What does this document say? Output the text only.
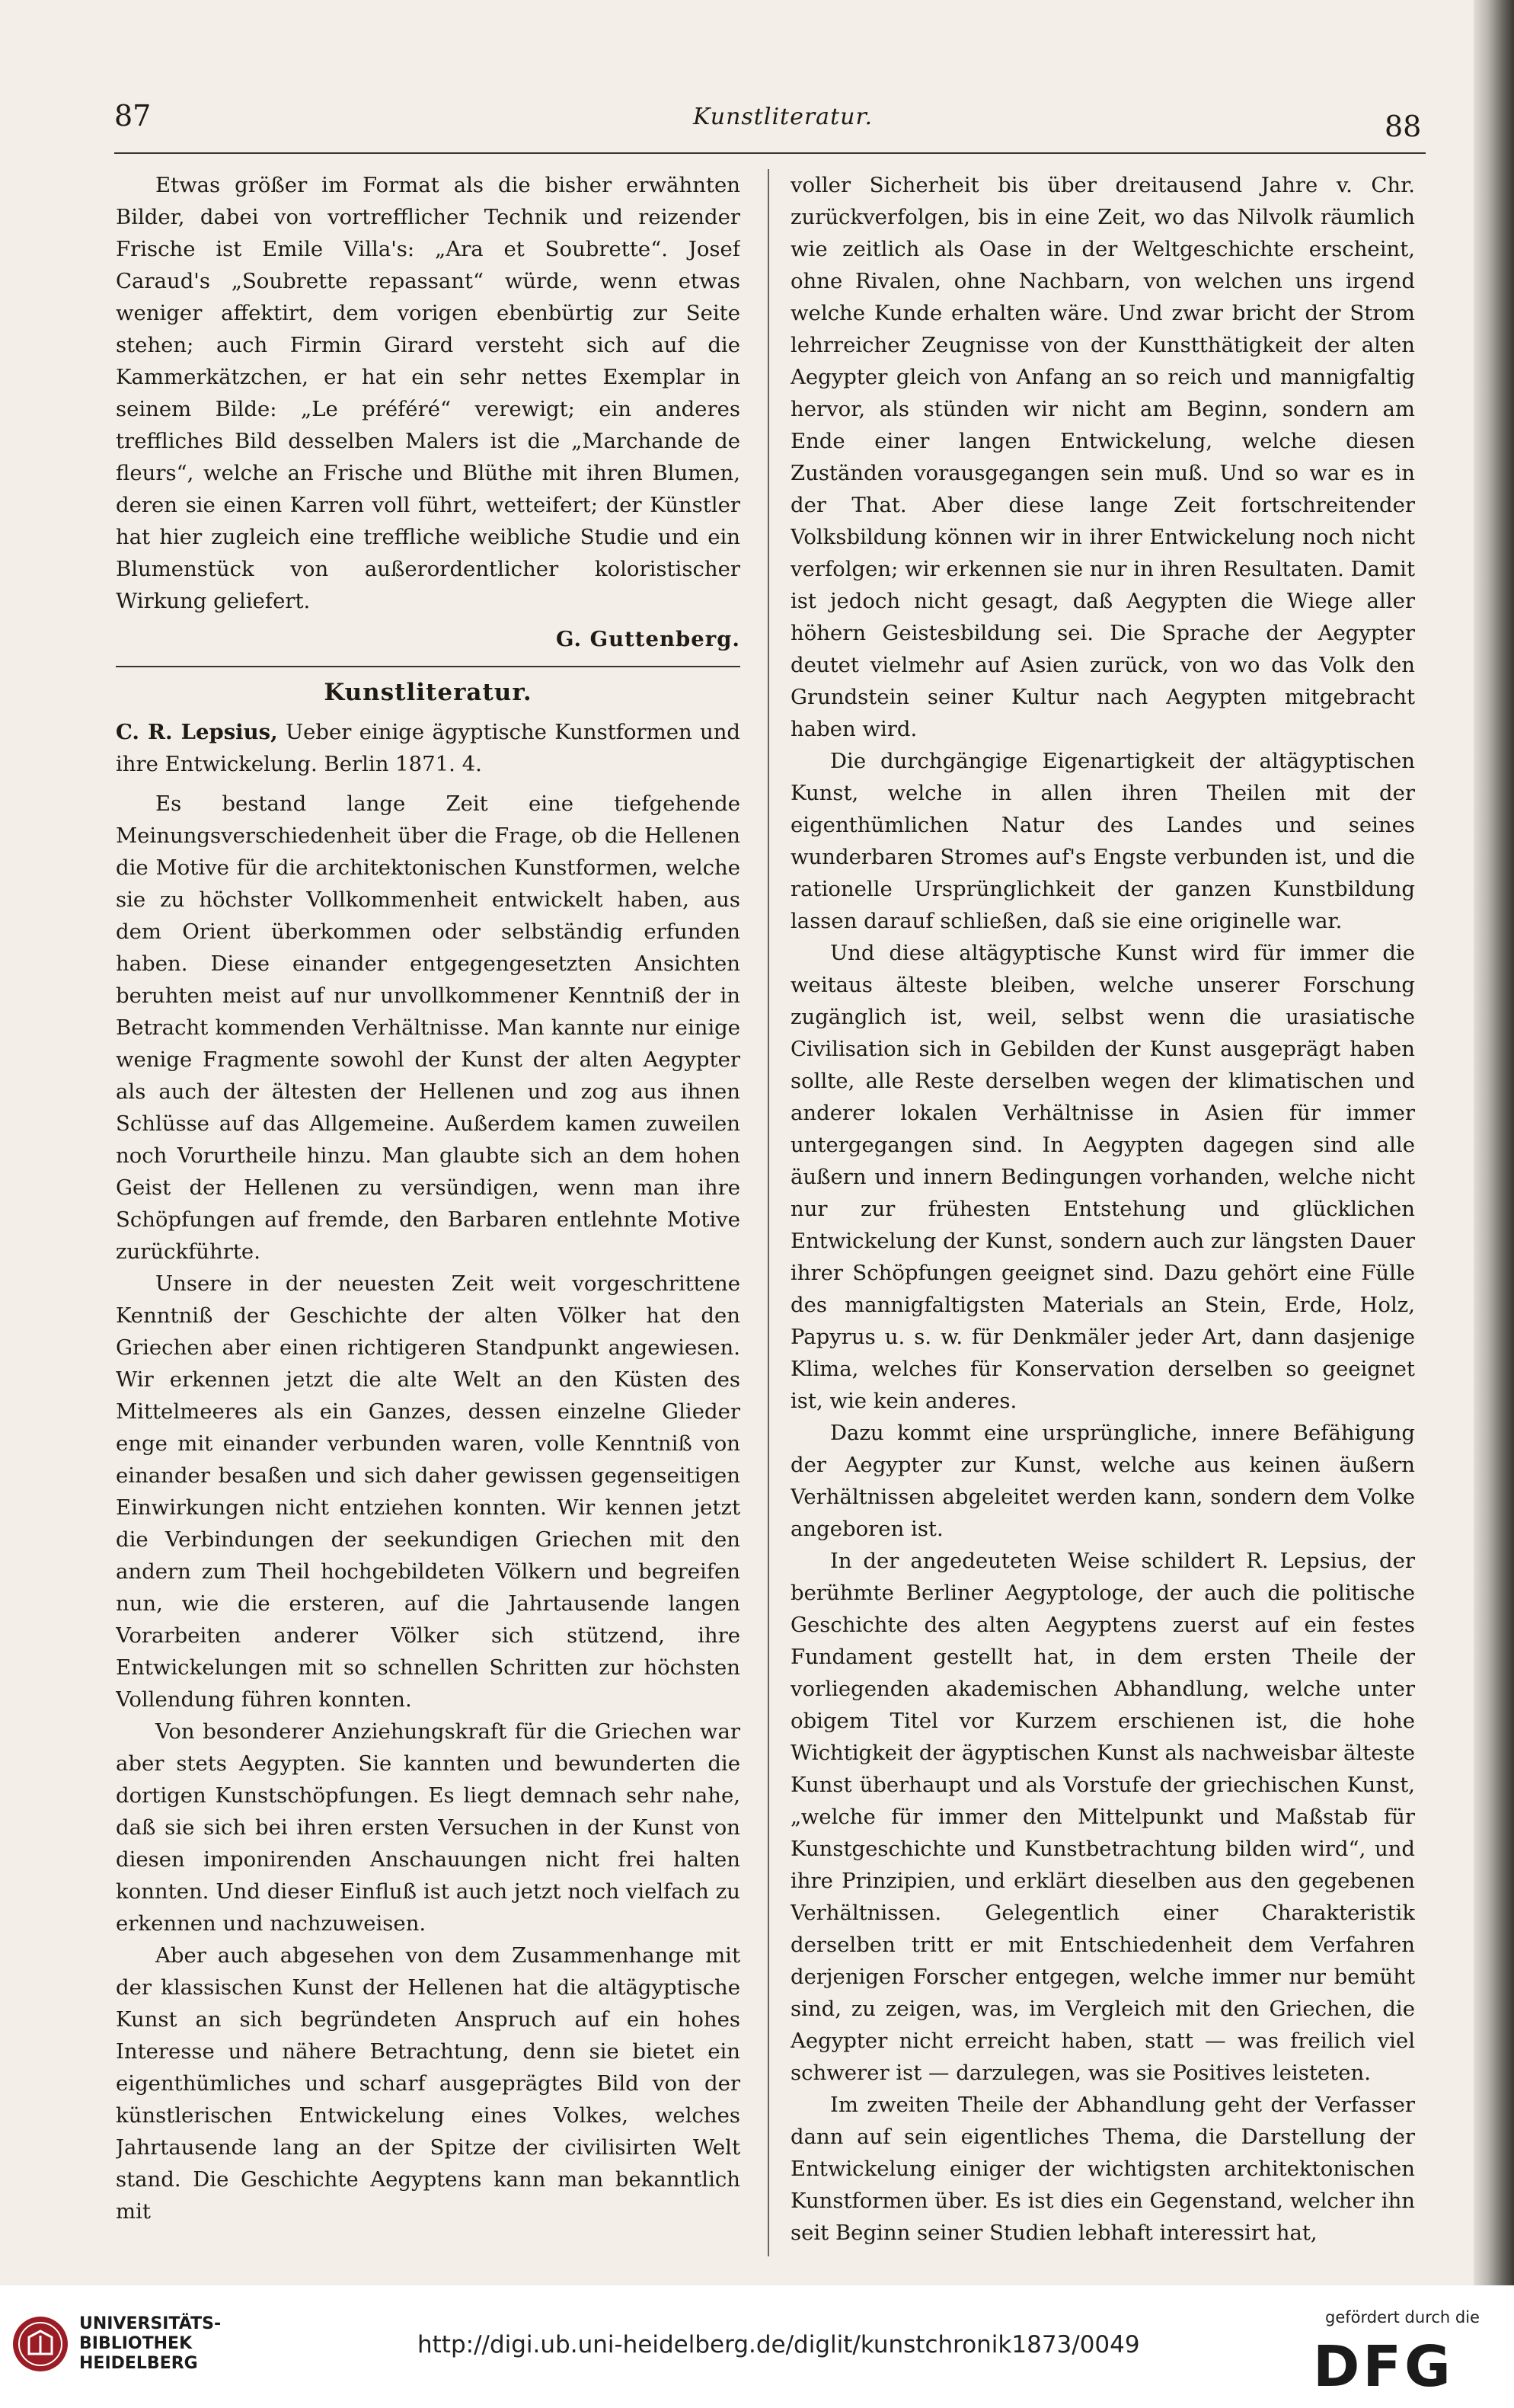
87	Kunstliteratur.	88

Etwas größer im Format als die bisher erwähnten Bilder, dabei von vortrefflicher Technik und reizender Frische ist Emile Villa's: „Ara et Soubrette“. Josef Caraud's „Soubrette repassant“ würde, wenn etwas weniger affektirt, dem vorigen ebenbürtig zur Seite stehen; auch Firmin Girard versteht sich auf die Kammerkätzchen, er hat ein sehr nettes Exemplar in seinem Bilde: „Le préféré“ verewigt; ein anderes treffliches Bild desselben Malers ist die „Marchande de fleurs“, welche an Frische und Blüthe mit ihren Blumen, deren sie einen Karren voll führt, wetteifert; der Künstler hat hier zugleich eine treffliche weibliche Studie und ein Blumenstück von außerordentlicher koloristischer Wirkung geliefert.

G. Guttenberg.
Kunstliteratur.

C. R. Lepsius, Ueber einige ägyptische Kunstformen und ihre Entwickelung. Berlin 1871. 4.

Es bestand lange Zeit eine tiefgehende Meinungsverschiedenheit über die Frage, ob die Hellenen die Motive für die architektonischen Kunstformen, welche sie zu höchster Vollkommenheit entwickelt haben, aus dem Orient überkommen oder selbständig erfunden haben. Diese einander entgegengesetzten Ansichten beruhten meist auf nur unvollkommener Kenntniß der in Betracht kommenden Verhältnisse. Man kannte nur einige wenige Fragmente sowohl der Kunst der alten Aegypter als auch der ältesten der Hellenen und zog aus ihnen Schlüsse auf das Allgemeine. Außerdem kamen zuweilen noch Vorurtheile hinzu. Man glaubte sich an dem hohen Geist der Hellenen zu versündigen, wenn man ihre Schöpfungen auf fremde, den Barbaren entlehnte Motive zurückführte.

Unsere in der neuesten Zeit weit vorgeschrittene Kenntniß der Geschichte der alten Völker hat den Griechen aber einen richtigeren Standpunkt angewiesen. Wir erkennen jetzt die alte Welt an den Küsten des Mittelmeeres als ein Ganzes, dessen einzelne Glieder enge mit einander verbunden waren, volle Kenntniß von einander besaßen und sich daher gewissen gegenseitigen Einwirkungen nicht entziehen konnten. Wir kennen jetzt die Verbindungen der seekundigen Griechen mit den andern zum Theil hochgebildeten Völkern und begreifen nun, wie die ersteren, auf die Jahrtausende langen Vorarbeiten anderer Völker sich stützend, ihre Entwickelungen mit so schnellen Schritten zur höchsten Vollendung führen konnten.

Von besonderer Anziehungskraft für die Griechen war aber stets Aegypten. Sie kannten und bewunderten die dortigen Kunstschöpfungen. Es liegt demnach sehr nahe, daß sie sich bei ihren ersten Versuchen in der Kunst von diesen imponirenden Anschauungen nicht frei halten konnten. Und dieser Einfluß ist auch jetzt noch vielfach zu erkennen und nachzuweisen.

Aber auch abgesehen von dem Zusammenhange mit der klassischen Kunst der Hellenen hat die altägyptische Kunst an sich begründeten Anspruch auf ein hohes Interesse und nähere Betrachtung, denn sie bietet ein eigenthümliches und scharf ausgeprägtes Bild von der künstlerischen Entwickelung eines Volkes, welches Jahrtausende lang an der Spitze der civilisirten Welt stand. Die Geschichte Aegyptens kann man bekanntlich mit

voller Sicherheit bis über dreitausend Jahre v. Chr. zurückverfolgen, bis in eine Zeit, wo das Nilvolk räumlich wie zeitlich als Oase in der Weltgeschichte erscheint, ohne Rivalen, ohne Nachbarn, von welchen uns irgend welche Kunde erhalten wäre. Und zwar bricht der Strom lehrreicher Zeugnisse von der Kunstthätigkeit der alten Aegypter gleich von Anfang an so reich und mannigfaltig hervor, als stünden wir nicht am Beginn, sondern am Ende einer langen Entwickelung, welche diesen Zuständen vorausgegangen sein muß. Und so war es in der That. Aber diese lange Zeit fortschreitender Volksbildung können wir in ihrer Entwickelung noch nicht verfolgen; wir erkennen sie nur in ihren Resultaten. Damit ist jedoch nicht gesagt, daß Aegypten die Wiege aller höhern Geistesbildung sei. Die Sprache der Aegypter deutet vielmehr auf Asien zurück, von wo das Volk den Grundstein seiner Kultur nach Aegypten mitgebracht haben wird.

Die durchgängige Eigenartigkeit der altägyptischen Kunst, welche in allen ihren Theilen mit der eigenthümlichen Natur des Landes und seines wunderbaren Stromes auf's Engste verbunden ist, und die rationelle Ursprünglichkeit der ganzen Kunstbildung lassen darauf schließen, daß sie eine originelle war.

Und diese altägyptische Kunst wird für immer die weitaus älteste bleiben, welche unserer Forschung zugänglich ist, weil, selbst wenn die urasiatische Civilisation sich in Gebilden der Kunst ausgeprägt haben sollte, alle Reste derselben wegen der klimatischen und anderer lokalen Verhältnisse in Asien für immer untergegangen sind. In Aegypten dagegen sind alle äußern und innern Bedingungen vorhanden, welche nicht nur zur frühesten Entstehung und glücklichen Entwickelung der Kunst, sondern auch zur längsten Dauer ihrer Schöpfungen geeignet sind. Dazu gehört eine Fülle des mannigfaltigsten Materials an Stein, Erde, Holz, Papyrus u. s. w. für Denkmäler jeder Art, dann dasjenige Klima, welches für Konservation derselben so geeignet ist, wie kein anderes.

Dazu kommt eine ursprüngliche, innere Befähigung der Aegypter zur Kunst, welche aus keinen äußern Verhältnissen abgeleitet werden kann, sondern dem Volke angeboren ist.

In der angedeuteten Weise schildert R. Lepsius, der berühmte Berliner Aegyptologe, der auch die politische Geschichte des alten Aegyptens zuerst auf ein festes Fundament gestellt hat, in dem ersten Theile der vorliegenden akademischen Abhandlung, welche unter obigem Titel vor Kurzem erschienen ist, die hohe Wichtigkeit der ägyptischen Kunst als nachweisbar älteste Kunst überhaupt und als Vorstufe der griechischen Kunst, „welche für immer den Mittelpunkt und Maßstab für Kunstgeschichte und Kunstbetrachtung bilden wird“, und ihre Prinzipien, und erklärt dieselben aus den gegebenen Verhältnissen. Gelegentlich einer Charakteristik derselben tritt er mit Entschiedenheit dem Verfahren derjenigen Forscher entgegen, welche immer nur bemüht sind, zu zeigen, was, im Vergleich mit den Griechen, die Aegypter nicht erreicht haben, statt — was freilich viel schwerer ist — darzulegen, was sie Positives leisteten.

Im zweiten Theile der Abhandlung geht der Verfasser dann auf sein eigentliches Thema, die Darstellung der Entwickelung einiger der wichtigsten architektonischen Kunstformen über. Es ist dies ein Gegenstand, welcher ihn seit Beginn seiner Studien lebhaft interessirt hat,

UNIVERSITÄTS-
BIBLIOTHEK
HEIDELBERG
http://digi.ub.uni-heidelberg.de/diglit/kunstchronik1873/0049
gefördert durch die
DFG
